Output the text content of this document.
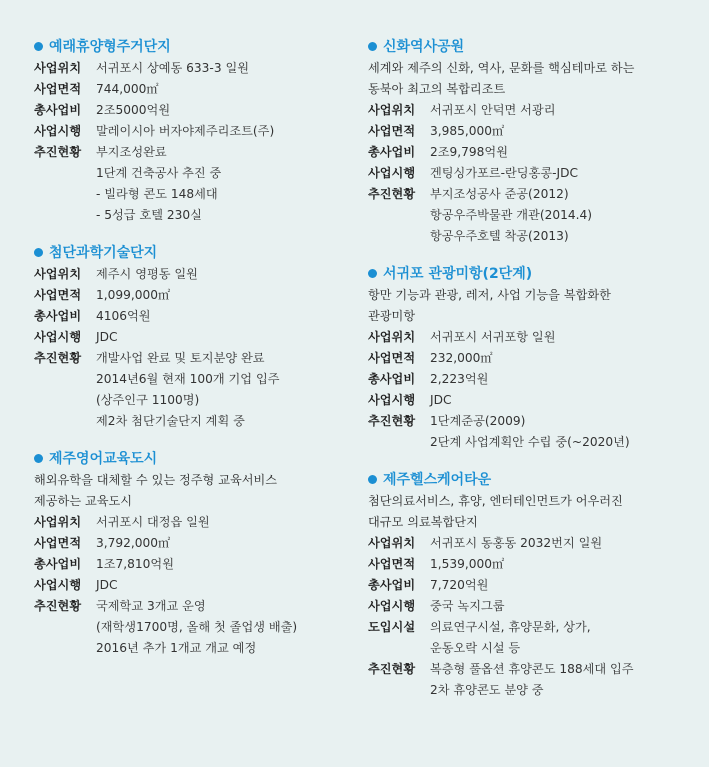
예래휴양형주거단지
사업위치	서귀포시 상예동 633-3 일원
사업면적	744,000㎡
총사업비	2조5000억원
사업시행	말레이시아 버자야제주리조트(주)
추진현황	부지조성완료
1단계 건축공사 추진 중
- 빌라형 콘도 148세대
- 5성급 호텔 230실
첨단과학기술단지
사업위치	제주시 영평동 일원
사업면적	1,099,000㎡
총사업비	4106억원
사업시행	JDC
추진현황	개발사업 완료 및 토지분양 완료
2014년6월 현재 100개 기업 입주
(상주인구 1100명)
제2차 첨단기술단지 계획 중
제주영어교육도시
해외유학을 대체할 수 있는 정주형 교육서비스
제공하는 교육도시
사업위치	서귀포시 대정읍 일원
사업면적	3,792,000㎡
총사업비	1조7,810억원
사업시행	JDC
추진현황	국제학교 3개교 운영
(재학생1700명, 올해 첫 졸업생 배출)
2016년 추가 1개교 개교 예정
신화역사공원
세계와 제주의 신화, 역사, 문화를 핵심테마로 하는
동북아 최고의 복합리조트
사업위치	서귀포시 안덕면 서광리
사업면적	3,985,000㎡
총사업비	2조9,798억원
사업시행	겐팅싱가포르-란딩홍콩-JDC
추진현황	부지조성공사 준공(2012)
항공우주박물관 개관(2014.4)
항공우주호텔 착공(2013)
서귀포 관광미항(2단계)
항만 기능과 관광, 레저, 사업 기능을 복합화한
관광미항
사업위치	서귀포시 서귀포항 일원
사업면적	232,000㎡
총사업비	2,223억원
사업시행	JDC
추진현황	1단계준공(2009)
2단계 사업계획안 수립 중(~2020년)
제주헬스케어타운
첨단의료서비스, 휴양, 엔터테인먼트가 어우러진
대규모 의료복합단지
사업위치	서귀포시 동홍동 2032번지 일원
사업면적	1,539,000㎡
총사업비	7,720억원
사업시행	중국 녹지그룹
도입시설	의료연구시설, 휴양문화, 상가,
운동오락 시설 등
추진현황	복층형 풀옵션 휴양콘도 188세대 입주
2차 휴양콘도 분양 중
